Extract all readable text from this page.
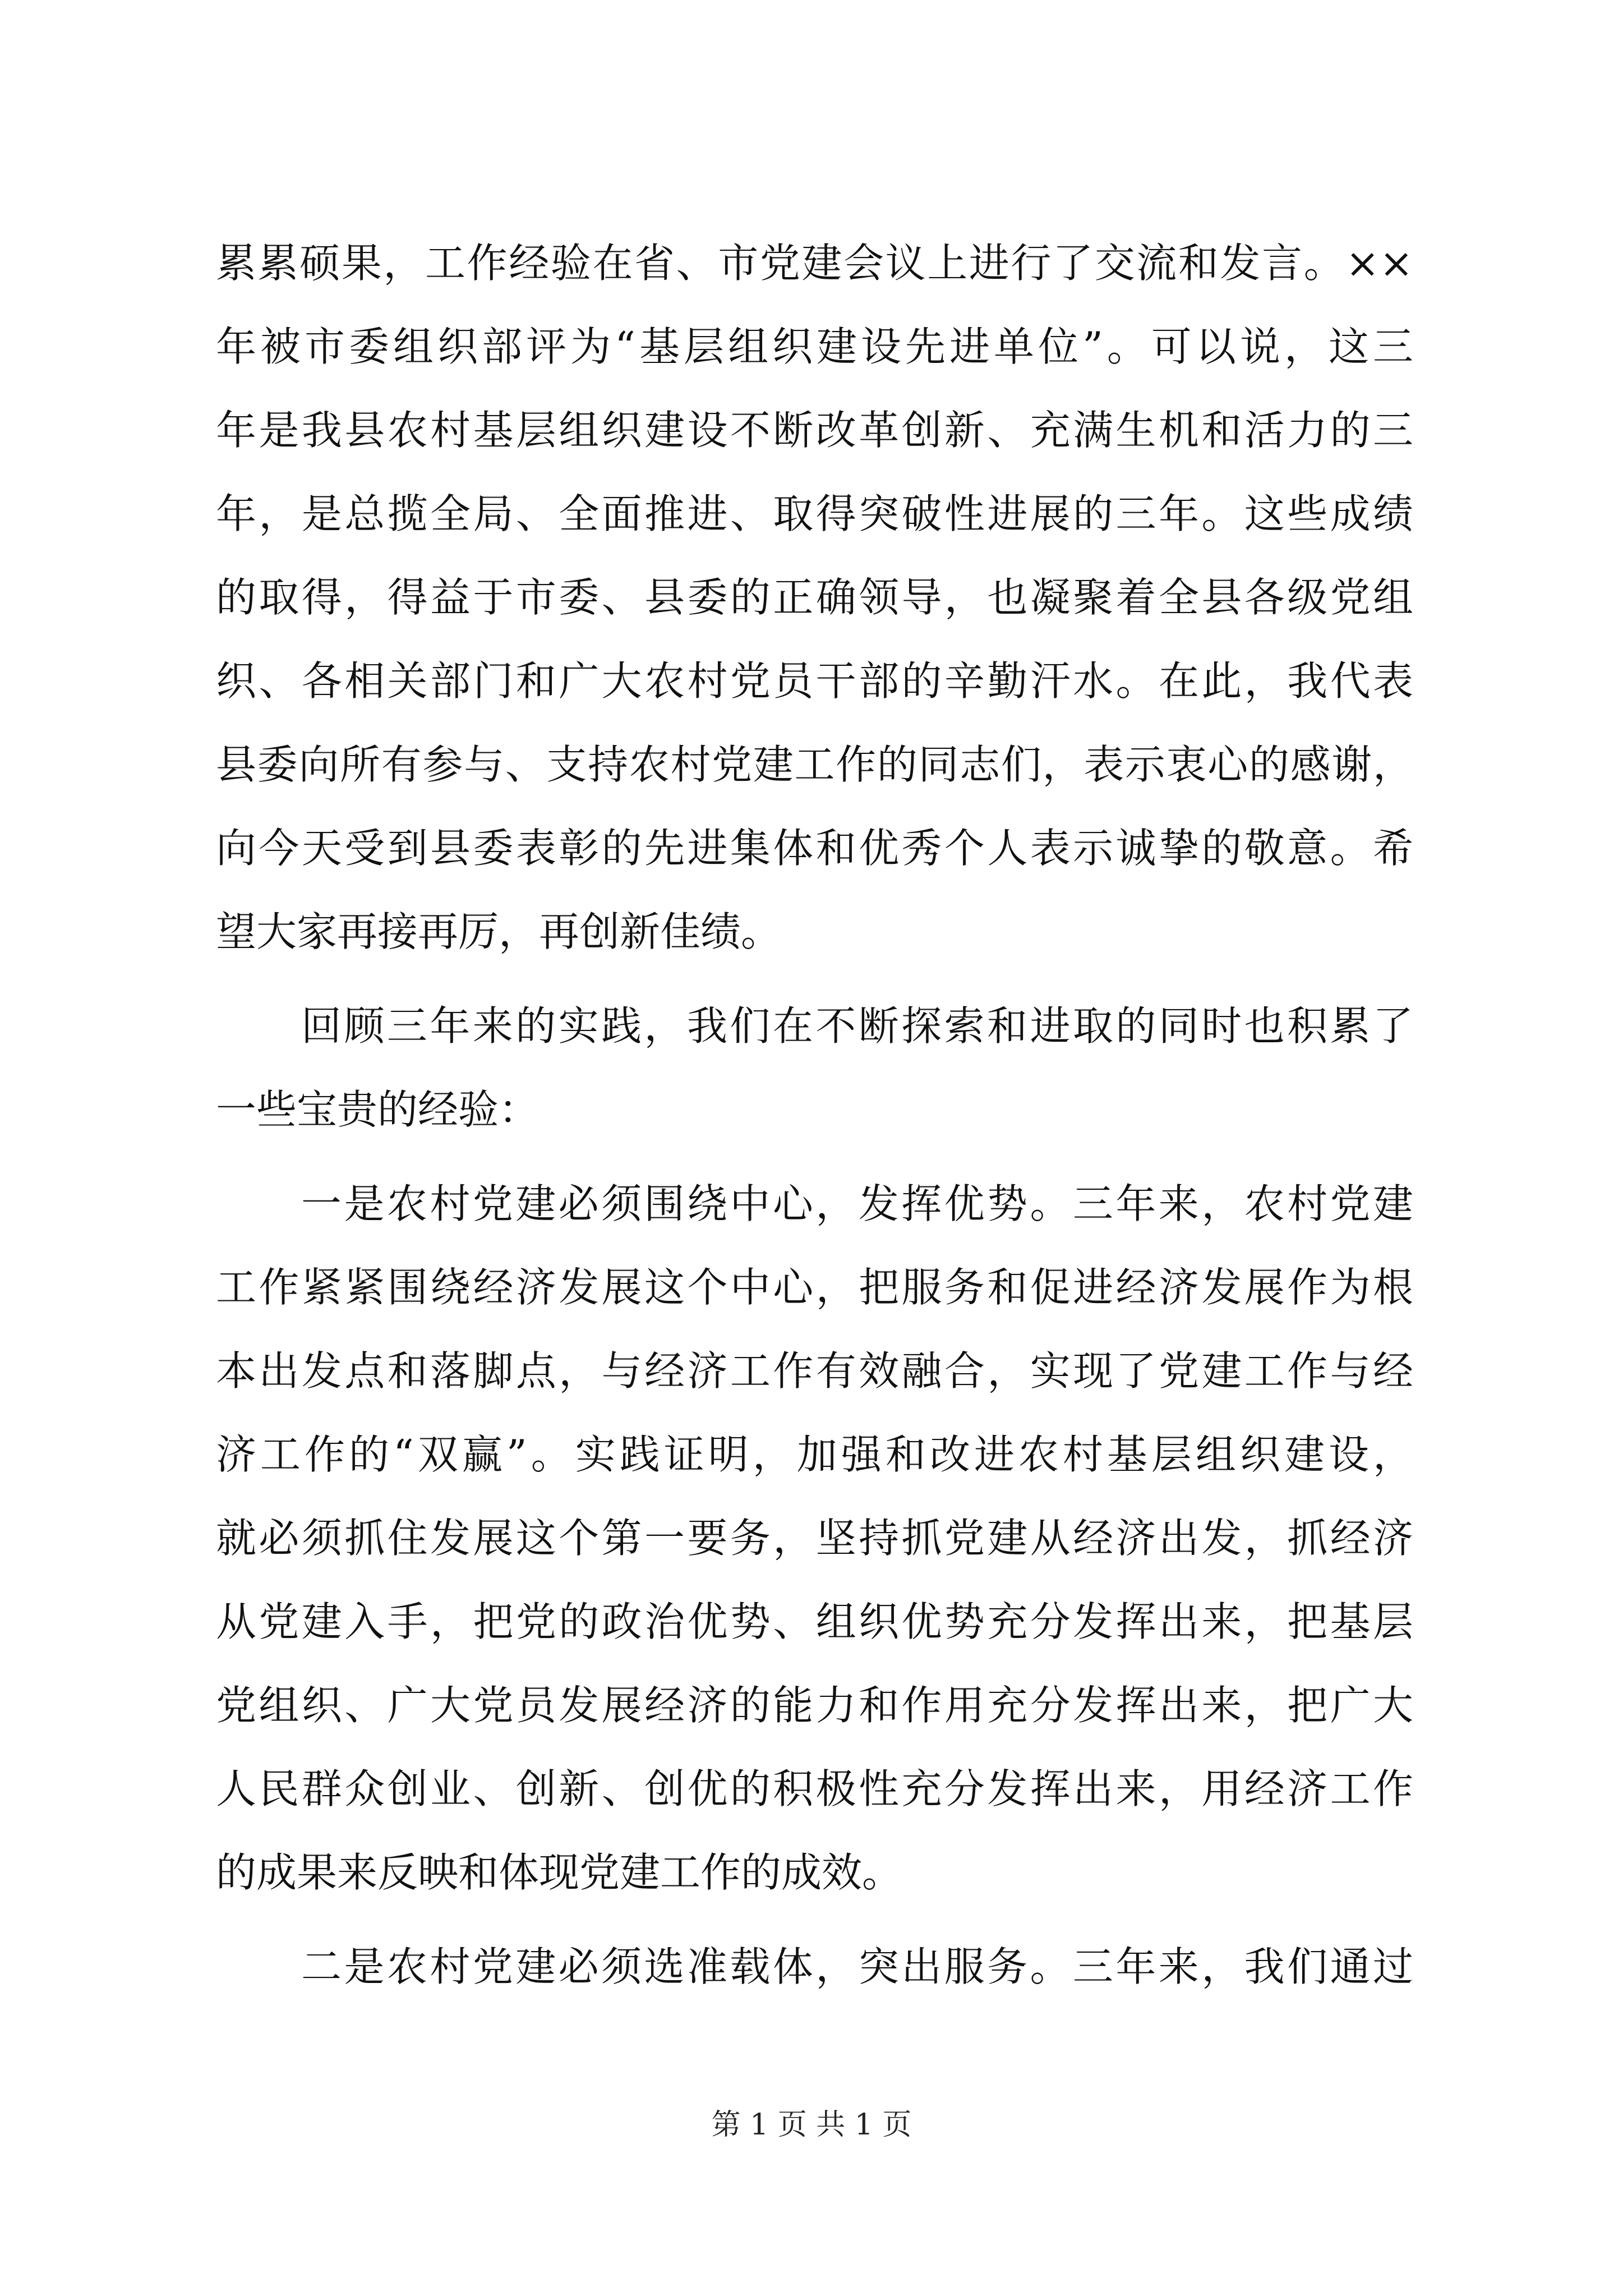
累累硕果，工作经验在省、市党建会议上进行了交流和发言。××
年被市委组织部评为“基层组织建设先进单位”。可以说，这三
年是我县农村基层组织建设不断改革创新、充满生机和活力的三
年，是总揽全局、全面推进、取得突破性进展的三年。这些成绩
的取得，得益于市委、县委的正确领导，也凝聚着全县各级党组
织、各相关部门和广大农村党员干部的辛勤汗水。在此，我代表
县委向所有参与、支持农村党建工作的同志们，表示衷心的感谢，
向今天受到县委表彰的先进集体和优秀个人表示诚挚的敬意。希
望大家再接再厉，再创新佳绩。
回顾三年来的实践，我们在不断探索和进取的同时也积累了
一些宝贵的经验：
一是农村党建必须围绕中心，发挥优势。三年来，农村党建
工作紧紧围绕经济发展这个中心，把服务和促进经济发展作为根
本出发点和落脚点，与经济工作有效融合，实现了党建工作与经
济工作的“双赢”。实践证明，加强和改进农村基层组织建设，
就必须抓住发展这个第一要务，坚持抓党建从经济出发，抓经济
从党建入手，把党的政治优势、组织优势充分发挥出来，把基层
党组织、广大党员发展经济的能力和作用充分发挥出来，把广大
人民群众创业、创新、创优的积极性充分发挥出来，用经济工作
的成果来反映和体现党建工作的成效。
二是农村党建必须选准载体，突出服务。三年来，我们通过
第 1 页 共 1 页
